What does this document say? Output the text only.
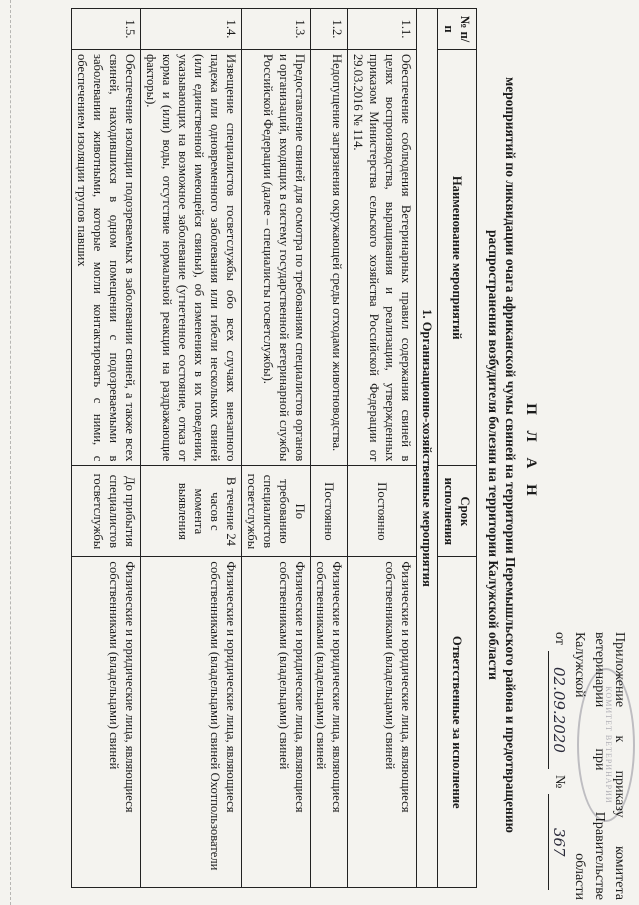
КОМИТЕТ ВЕТЕРИНАРИИ
Приложение
к
приказу
комитета
ветеринарии
при
Правительстве
Калужской
области
от
02.09.2020
№
367
П Л А Н
мероприятий по ликвидации очага африканской чумы свиней на территории Перемышльского района и предотвращению распространения возбудителя болезни на территории Калужской области
№ п/п	Наименование мероприятий	Срок исполнения	Ответственные за исполнение
1. Организационно-хозяйственные мероприятия			
1.1.	Обеспечение соблюдения Ветеринарных правил содержания свиней в целях воспроизводства, выращивания и реализации, утвержденных приказом Министерства сельского хозяйства Российской Федерации от 29.03.2016 № 114.	Постоянно	Физические и юридические лица, являющиеся собственниками (владельцами) свиней
1.2.	Недопущение загрязнения окружающей среды отходами животноводства.	Постоянно	Физические и юридические лица, являющиеся собственниками (владельцами) свиней
1.3.	Предоставление свиней для осмотра по требованиям специалистов органов и организаций, входящих в систему государственной ветеринарной службы Российской Федерации (далее – специалисты госветслужбы).	По требованию специалистов госветслужбы	Физические и юридические лица, являющиеся собственниками (владельцами) свиней
1.4.	Извещение специалистов госветслужбы обо всех случаях внезапного падежа или одновременного заболевания или гибели нескольких свиней (или единственной имеющейся свиньи), об изменениях в их поведении, указывающих на возможное заболевание (угнетенное состояние, отказ от корма и (или) воды, отсутствие нормальной реакции на раздражающие факторы).	В течение 24 часов с момента выявления	Физические и юридические лица, являющиеся собственниками (владельцами) свиней Охотпользователи
1.5.	Обеспечение изоляции подозреваемых в заболевании свиней, а также всех свиней, находившихся в одном помещении с подозреваемыми в заболевании животными, которые могли контактировать с ними, с обеспечением изоляции трупов павших	До прибытия специалистов госветслужбы	Физические и юридические лица, являющиеся собственниками (владельцами) свиней
